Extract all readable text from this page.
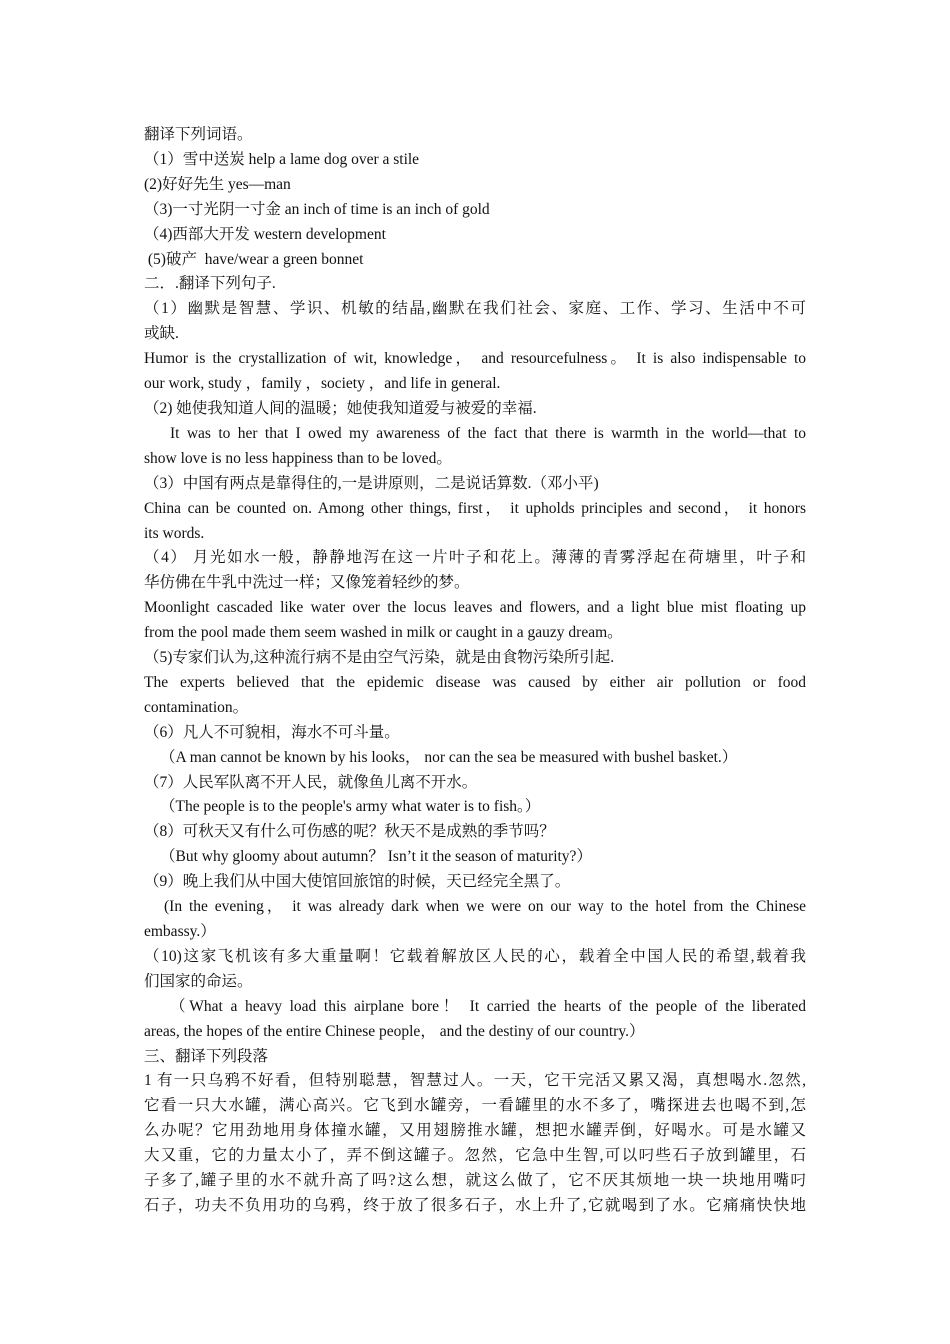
翻译下列词语。
（1）雪中送炭 help a lame dog over a stile
(2)好好先生 yes—man
（3)一寸光阴一寸金 an inch of time is an inch of gold
（4)西部大开发 western development
(5)破产  have/wear a green bonnet
二．.翻译下列句子.
（1）幽默是智慧、学识、机敏的结晶,幽默在我们社会、家庭、工作、学习、生活中不可
或缺.
Humor is the crystallization of wit, knowledge， and resourcefulness。 It is also indispensable to
our work, study ，family ，society ，and life in general.
（2) 她使我知道人间的温暖；她使我知道爱与被爱的幸福.
It was to her that I owed my awareness of the fact that there is warmth in the world—that to
show love is no less happiness than to be loved。
（3）中国有两点是靠得住的,一是讲原则，二是说话算数.（邓小平)
China can be counted on. Among other things, first， it upholds principles and second， it honors
its words.
（4） 月光如水一般，静静地泻在这一片叶子和花上。薄薄的青雾浮起在荷塘里，叶子和
华仿佛在牛乳中洗过一样；又像笼着轻纱的梦。
Moonlight cascaded like water over the locus leaves and flowers, and a light blue mist floating up
from the pool made them seem washed in milk or caught in a gauzy dream。
（5)专家们认为,这种流行病不是由空气污染，就是由食物污染所引起.
The experts believed that the epidemic disease was caused by either air pollution or food
contamination。
（6）凡人不可貌相，海水不可斗量。
（A man cannot be known by his looks， nor can the sea be measured with bushel basket.）
（7）人民军队离不开人民，就像鱼儿离不开水。
（The people is to the people's army what water is to fish。）
（8）可秋天又有什么可伤感的呢？秋天不是成熟的季节吗？
（But why gloomy about autumn？ Isn’t it the season of maturity?）
（9）晚上我们从中国大使馆回旅馆的时候，天已经完全黑了。
(In the evening， it was already dark when we were on our way to the hotel from the Chinese
embassy.）
（10)这家飞机该有多大重量啊！它载着解放区人民的心，载着全中国人民的希望,载着我
们国家的命运。
（What a heavy load this airplane bore！ It carried the hearts of the people of the liberated
areas, the hopes of the entire Chinese people， and the destiny of our country.）
三、翻译下列段落
1 有一只乌鸦不好看，但特别聪慧，智慧过人。一天，它干完活又累又渴，真想喝水.忽然,
它看一只大水罐，满心高兴。它飞到水罐旁，一看罐里的水不多了，嘴探进去也喝不到,怎
么办呢？它用劲地用身体撞水罐，又用翅膀推水罐，想把水罐弄倒，好喝水。可是水罐又
大又重，它的力量太小了，弄不倒这罐子。忽然，它急中生智,可以叼些石子放到罐里，石
子多了,罐子里的水不就升高了吗?这么想，就这么做了，它不厌其烦地一块一块地用嘴叼
石子，功夫不负用功的乌鸦，终于放了很多石子，水上升了,它就喝到了水。它痛痛快快地
